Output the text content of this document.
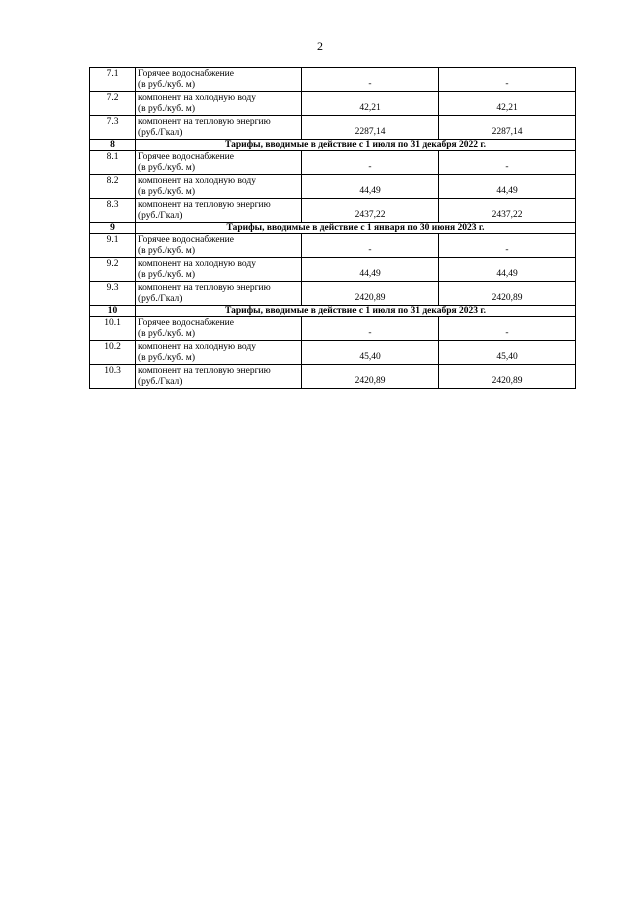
2
7.1	Горячее водоснабжение
(в руб./куб. м)	-	-
7.2	компонент на холодную воду
(в руб./куб. м)	42,21	42,21
7.3	компонент на тепловую энергию
(руб./Гкал)	2287,14	2287,14
8	Тарифы, вводимые в действие с 1 июля по 31 декабря 2022 г.		
8.1	Горячее водоснабжение
(в руб./куб. м)	-	-
8.2	компонент на холодную воду
(в руб./куб. м)	44,49	44,49
8.3	компонент на тепловую энергию
(руб./Гкал)	2437,22	2437,22
9	Тарифы, вводимые в действие с 1 января по 30 июня 2023 г.		
9.1	Горячее водоснабжение
(в руб./куб. м)	-	-
9.2	компонент на холодную воду
(в руб./куб. м)	44,49	44,49
9.3	компонент на тепловую энергию
(руб./Гкал)	2420,89	2420,89
10	Тарифы, вводимые в действие с 1 июля по 31 декабря 2023 г.		
10.1	Горячее водоснабжение
(в руб./куб. м)	-	-
10.2	компонент на холодную воду
(в руб./куб. м)	45,40	45,40
10.3	компонент на тепловую энергию
(руб./Гкал)	2420,89	2420,89
